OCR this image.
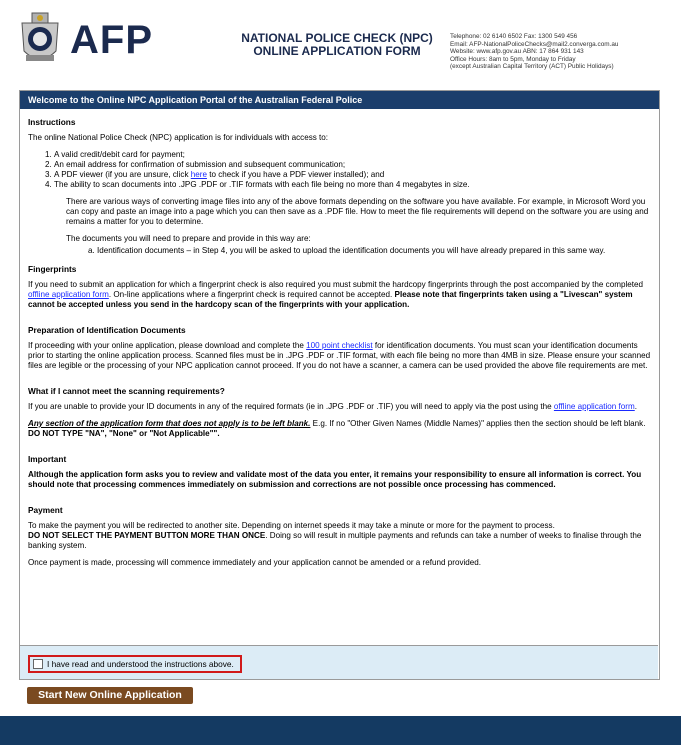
AFP	NATIONAL POLICE CHECK (NPC)
ONLINE APPLICATION FORM
Telephone: 02 6140 6502 Fax: 1300 549 456
Email: AFP-NationalPoliceChecks@mail2.converga.com.au
Website: www.afp.gov.au ABN: 17 864 931 143
Office Hours: 8am to 5pm, Monday to Friday
(except Australian Capital Territory (ACT) Public Holidays)
Welcome to the Online NPC Application Portal of the Australian Federal Police
Instructions
The online National Police Check (NPC) application is for individuals with access to:
1. A valid credit/debit card for payment;
2. An email address for confirmation of submission and subsequent communication;
3. A PDF viewer (if you are unsure, click here to check if you have a PDF viewer installed); and
4. The ability to scan documents into .JPG .PDF or .TIF formats with each file being no more than 4 megabytes in size.
There are various ways of converting image files into any of the above formats depending on the software you have available. For example, in Microsoft Word you can copy and paste an image into a page which you can then save as a .PDF file. How to meet the file requirements will depend on the software you are using and remains a matter for you to determine.
The documents you will need to prepare and provide in this way are:
a. Identification documents – in Step 4, you will be asked to upload the identification documents you will have already prepared in this same way.
Fingerprints
If you need to submit an application for which a fingerprint check is also required you must submit the hardcopy fingerprints through the post accompanied by the completed offline application form. On-line applications where a fingerprint check is required cannot be accepted. Please note that fingerprints taken using a "Livescan" system cannot be accepted unless you send in the hardcopy scan of the fingerprints with your application.
Preparation of Identification Documents
If proceeding with your online application, please download and complete the 100 point checklist for identification documents. You must scan your identification documents prior to starting the online application process. Scanned files must be in .JPG .PDF or .TIF format, with each file being no more than 4MB in size. Please ensure your scanned files are legible or the processing of your NPC application cannot proceed. If you do not have a scanner, a camera can be used provided the above file requirements are met.
What if I cannot meet the scanning requirements?
If you are unable to provide your ID documents in any of the required formats (ie in .JPG .PDF or .TIF) you will need to apply via the post using the offline application form.
Any section of the application form that does not apply is to be left blank. E.g. If no "Other Given Names (Middle Names)" applies then the section should be left blank. DO NOT TYPE "NA", "None" or "Not Applicable"".
Important
Although the application form asks you to review and validate most of the data you enter, it remains your responsibility to ensure all information is correct. You should note that processing commences immediately on submission and corrections are not possible once processing has commenced.
Payment
To make the payment you will be redirected to another site. Depending on internet speeds it may take a minute or more for the payment to process.
DO NOT SELECT THE PAYMENT BUTTON MORE THAN ONCE. Doing so will result in multiple payments and refunds can take a number of weeks to finalise through the banking system.
Once payment is made, processing will commence immediately and your application cannot be amended or a refund provided.
I have read and understood the instructions above.
Start New Online Application
